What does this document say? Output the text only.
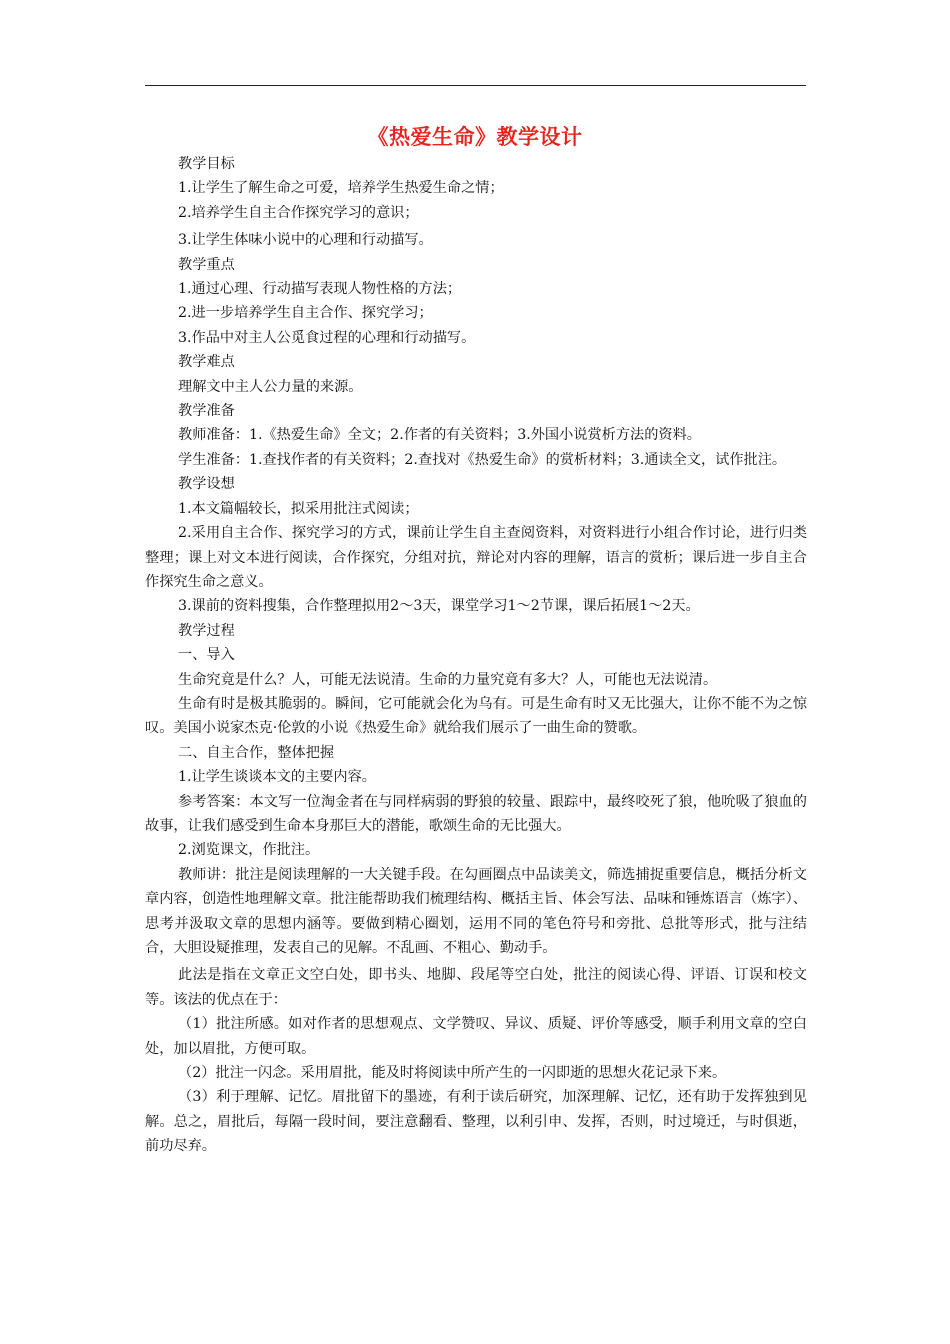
《热爱生命》教学设计

教学目标

1.让学生了解生命之可爱，培养学生热爱生命之情；

2.培养学生自主合作探究学习的意识；

3.让学生体味小说中的心理和行动描写。

教学重点

1.通过心理、行动描写表现人物性格的方法；

2.进一步培养学生自主合作、探究学习；

3.作品中对主人公觅食过程的心理和行动描写。

教学难点

理解文中主人公力量的来源。

教学准备

教师准备：1.《热爱生命》全文；2.作者的有关资料；3.外国小说赏析方法的资料。

学生准备：1.查找作者的有关资料；2.查找对《热爱生命》的赏析材料；3.通读全文，试作批注。

教学设想

1.本文篇幅较长，拟采用批注式阅读；

2.采用自主合作、探究学习的方式，课前让学生自主查阅资料，对资料进行小组合作讨论，进行归类整理；课上对文本进行阅读，合作探究，分组对抗，辩论对内容的理解，语言的赏析；课后进一步自主合作探究生命之意义。

3.课前的资料搜集，合作整理拟用2～3天，课堂学习1～2节课，课后拓展1～2天。

教学过程

一、导入

生命究竟是什么？人，可能无法说清。生命的力量究竟有多大？人，可能也无法说清。

生命有时是极其脆弱的。瞬间，它可能就会化为乌有。可是生命有时又无比强大，让你不能不为之惊叹。美国小说家杰克·伦敦的小说《热爱生命》就给我们展示了一曲生命的赞歌。

二、自主合作，整体把握

1.让学生谈谈本文的主要内容。

参考答案：本文写一位淘金者在与同样病弱的野狼的较量、跟踪中，最终咬死了狼，他吮吸了狼血的故事，让我们感受到生命本身那巨大的潜能，歌颂生命的无比强大。

2.浏览课文，作批注。

教师讲：批注是阅读理解的一大关键手段。在勾画圈点中品读美文，筛选捕捉重要信息，概括分析文章内容，创造性地理解文章。批注能帮助我们梳理结构、概括主旨、体会写法、品味和锤炼语言（炼字）、思考并汲取文章的思想内涵等。要做到精心圈划，运用不同的笔色符号和旁批、总批等形式，批与注结合，大胆设疑推理，发表自己的见解。不乱画、不粗心、勤动手。

此法是指在文章正文空白处，即书头、地脚、段尾等空白处，批注的阅读心得、评语、订误和校文等。该法的优点在于：

（1）批注所感。如对作者的思想观点、文学赞叹、异议、质疑、评价等感受，顺手利用文章的空白处，加以眉批，方便可取。

（2）批注一闪念。采用眉批，能及时将阅读中所产生的一闪即逝的思想火花记录下来。

（3）利于理解、记忆。眉批留下的墨迹，有利于读后研究，加深理解、记忆，还有助于发挥独到见解。总之，眉批后，每隔一段时间，要注意翻看、整理，以利引申、发挥，否则，时过境迁，与时俱逝，前功尽弃。
